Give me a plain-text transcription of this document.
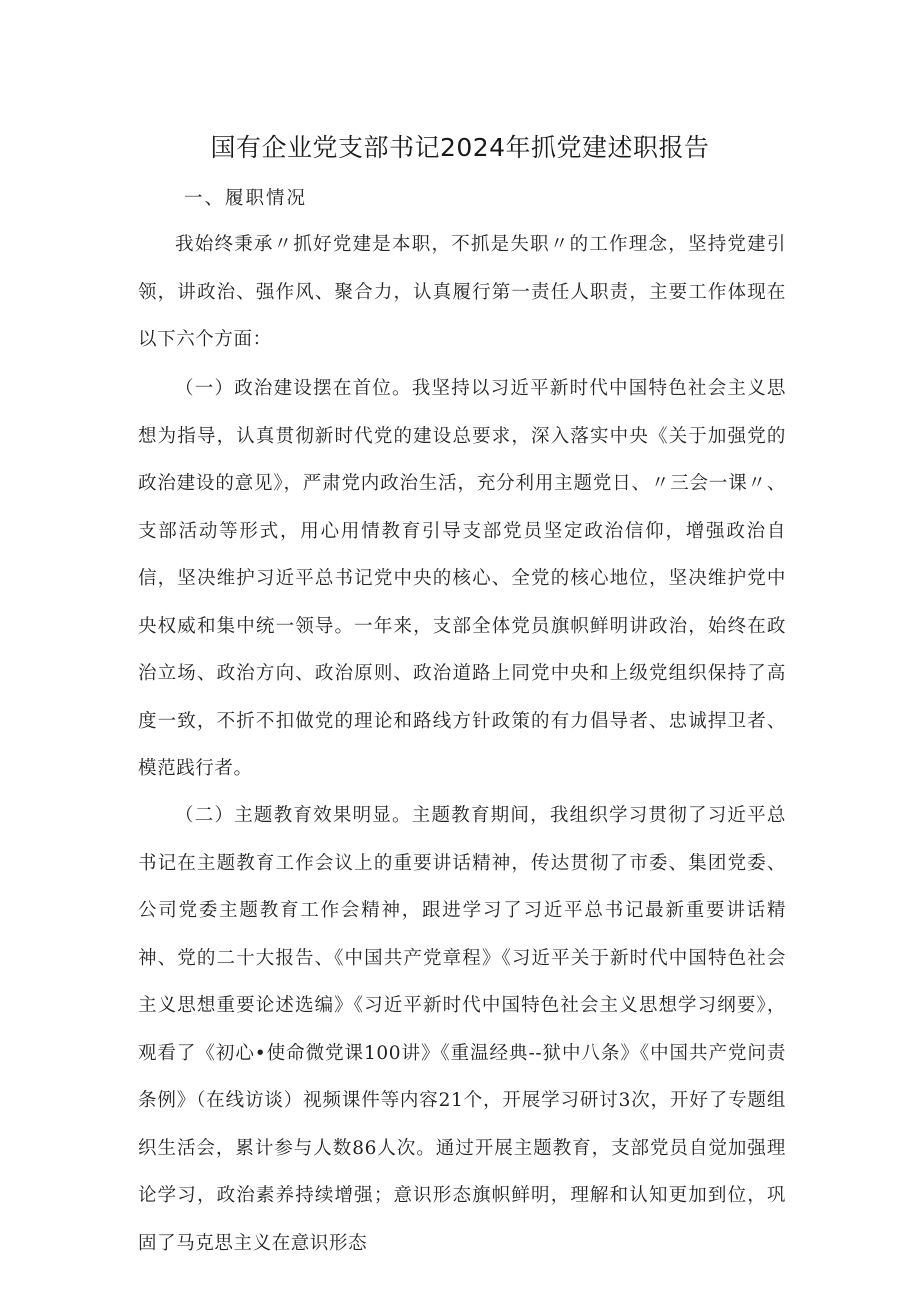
国有企业党支部书记2024年抓党建述职报告
一、履职情况

我始终秉承〃抓好党建是本职，不抓是失职〃的工作理念，坚持党建引领，讲政治、强作风、聚合力，认真履行第一责任人职责，主要工作体现在以下六个方面：

（一）政治建设摆在首位。我坚持以习近平新时代中国特色社会主义思想为指导，认真贯彻新时代党的建设总要求，深入落实中央《关于加强党的政治建设的意见》，严肃党内政治生活，充分利用主题党日、〃三会一课〃、支部活动等形式，用心用情教育引导支部党员坚定政治信仰，增强政治自信，坚决维护习近平总书记党中央的核心、全党的核心地位，坚决维护党中央权威和集中统一领导。一年来，支部全体党员旗帜鲜明讲政治，始终在政治立场、政治方向、政治原则、政治道路上同党中央和上级党组织保持了高度一致，不折不扣做党的理论和路线方针政策的有力倡导者、忠诚捍卫者、模范践行者。

（二）主题教育效果明显。主题教育期间，我组织学习贯彻了习近平总书记在主题教育工作会议上的重要讲话精神，传达贯彻了市委、集团党委、公司党委主题教育工作会精神，跟进学习了习近平总书记最新重要讲话精神、党的二十大报告、《中国共产党章程》《习近平关于新时代中国特色社会主义思想重要论述选编》《习近平新时代中国特色社会主义思想学习纲要》，观看了《初心•使命微党课100讲》《重温经典--狱中八条》《中国共产党问责条例》（在线访谈）视频课件等内容21个，开展学习研讨3次，开好了专题组织生活会，累计参与人数86人次。通过开展主题教育，支部党员自觉加强理论学习，政治素养持续增强；意识形态旗帜鲜明，理解和认知更加到位，巩固了马克思主义在意识形态
